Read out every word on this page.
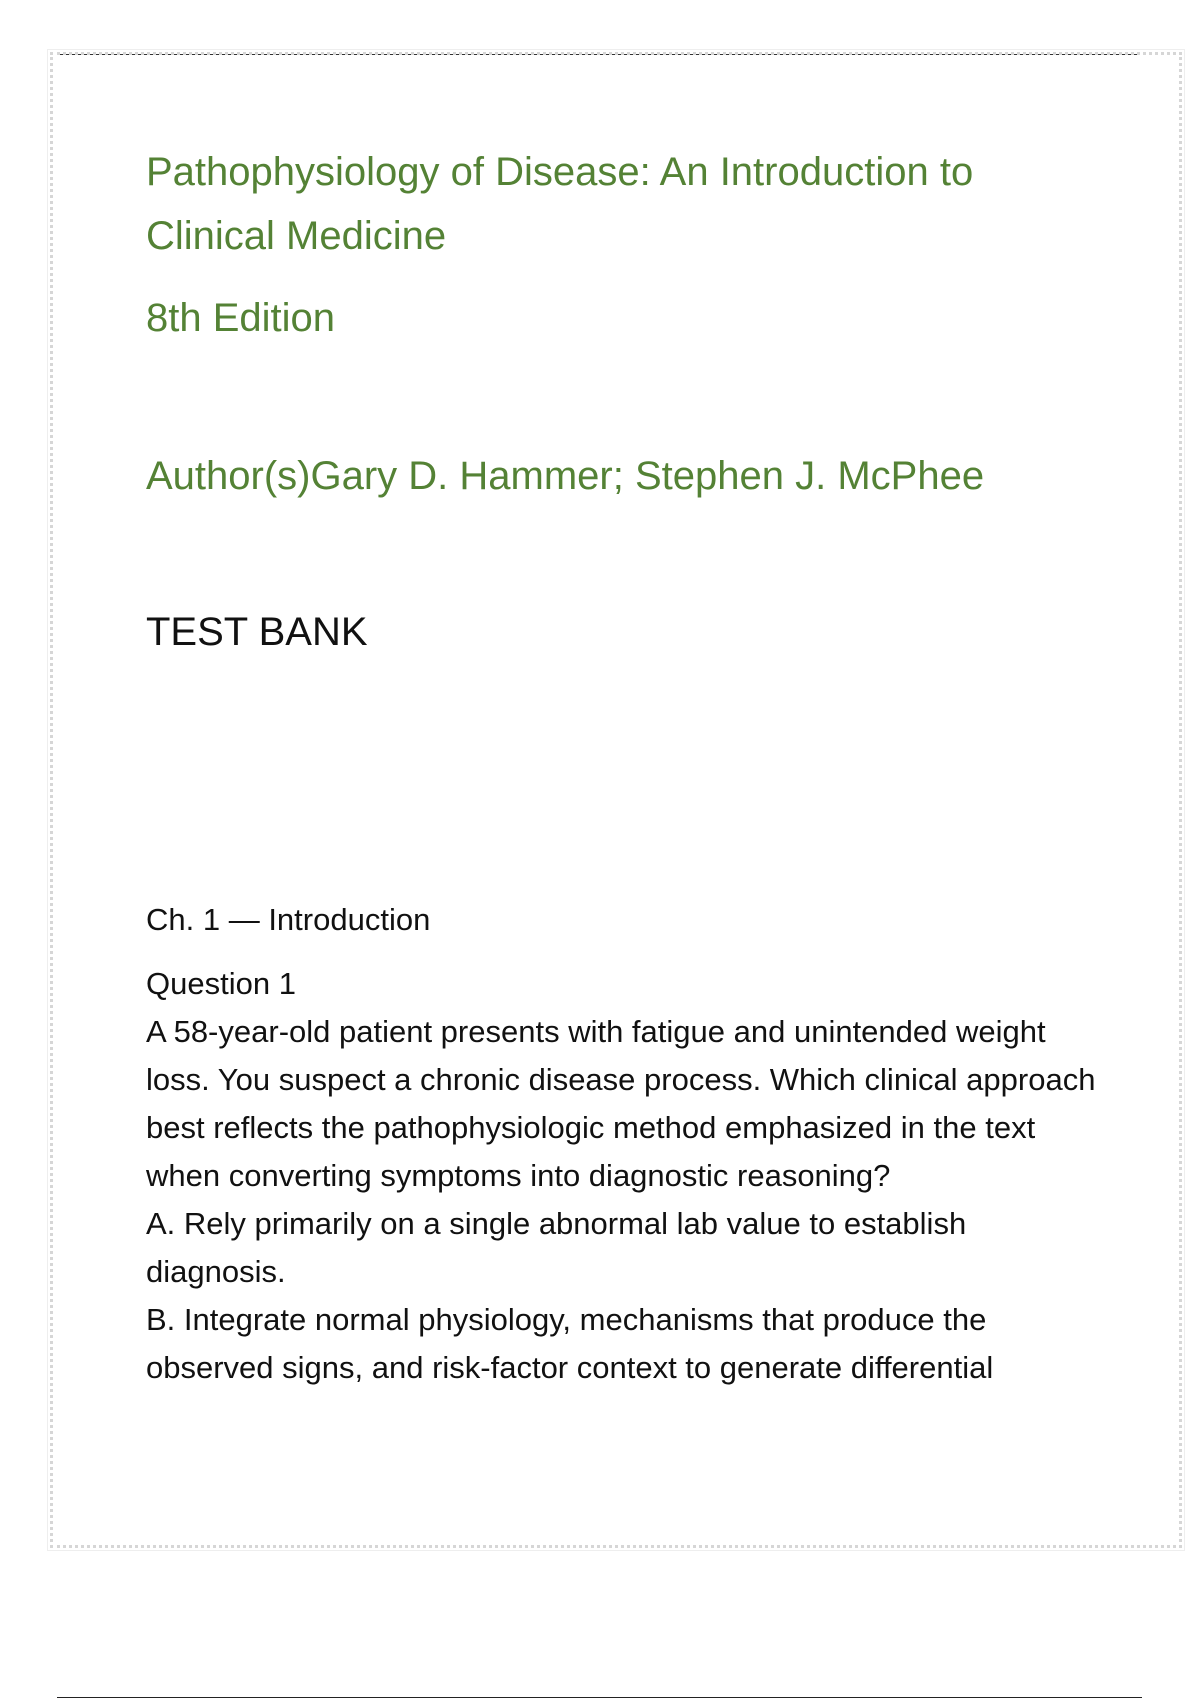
Pathophysiology of Disease: An Introduction to Clinical Medicine
8th Edition
Author(s)Gary D. Hammer; Stephen J. McPhee
TEST BANK
Ch. 1 — Introduction
Question 1

A 58-year-old patient presents with fatigue and unintended weight loss. You suspect a chronic disease process. Which clinical approach best reflects the pathophysiologic method emphasized in the text when converting symptoms into diagnostic reasoning?

A. Rely primarily on a single abnormal lab value to establish diagnosis.

B. Integrate normal physiology, mechanisms that produce the observed signs, and risk-factor context to generate differential
